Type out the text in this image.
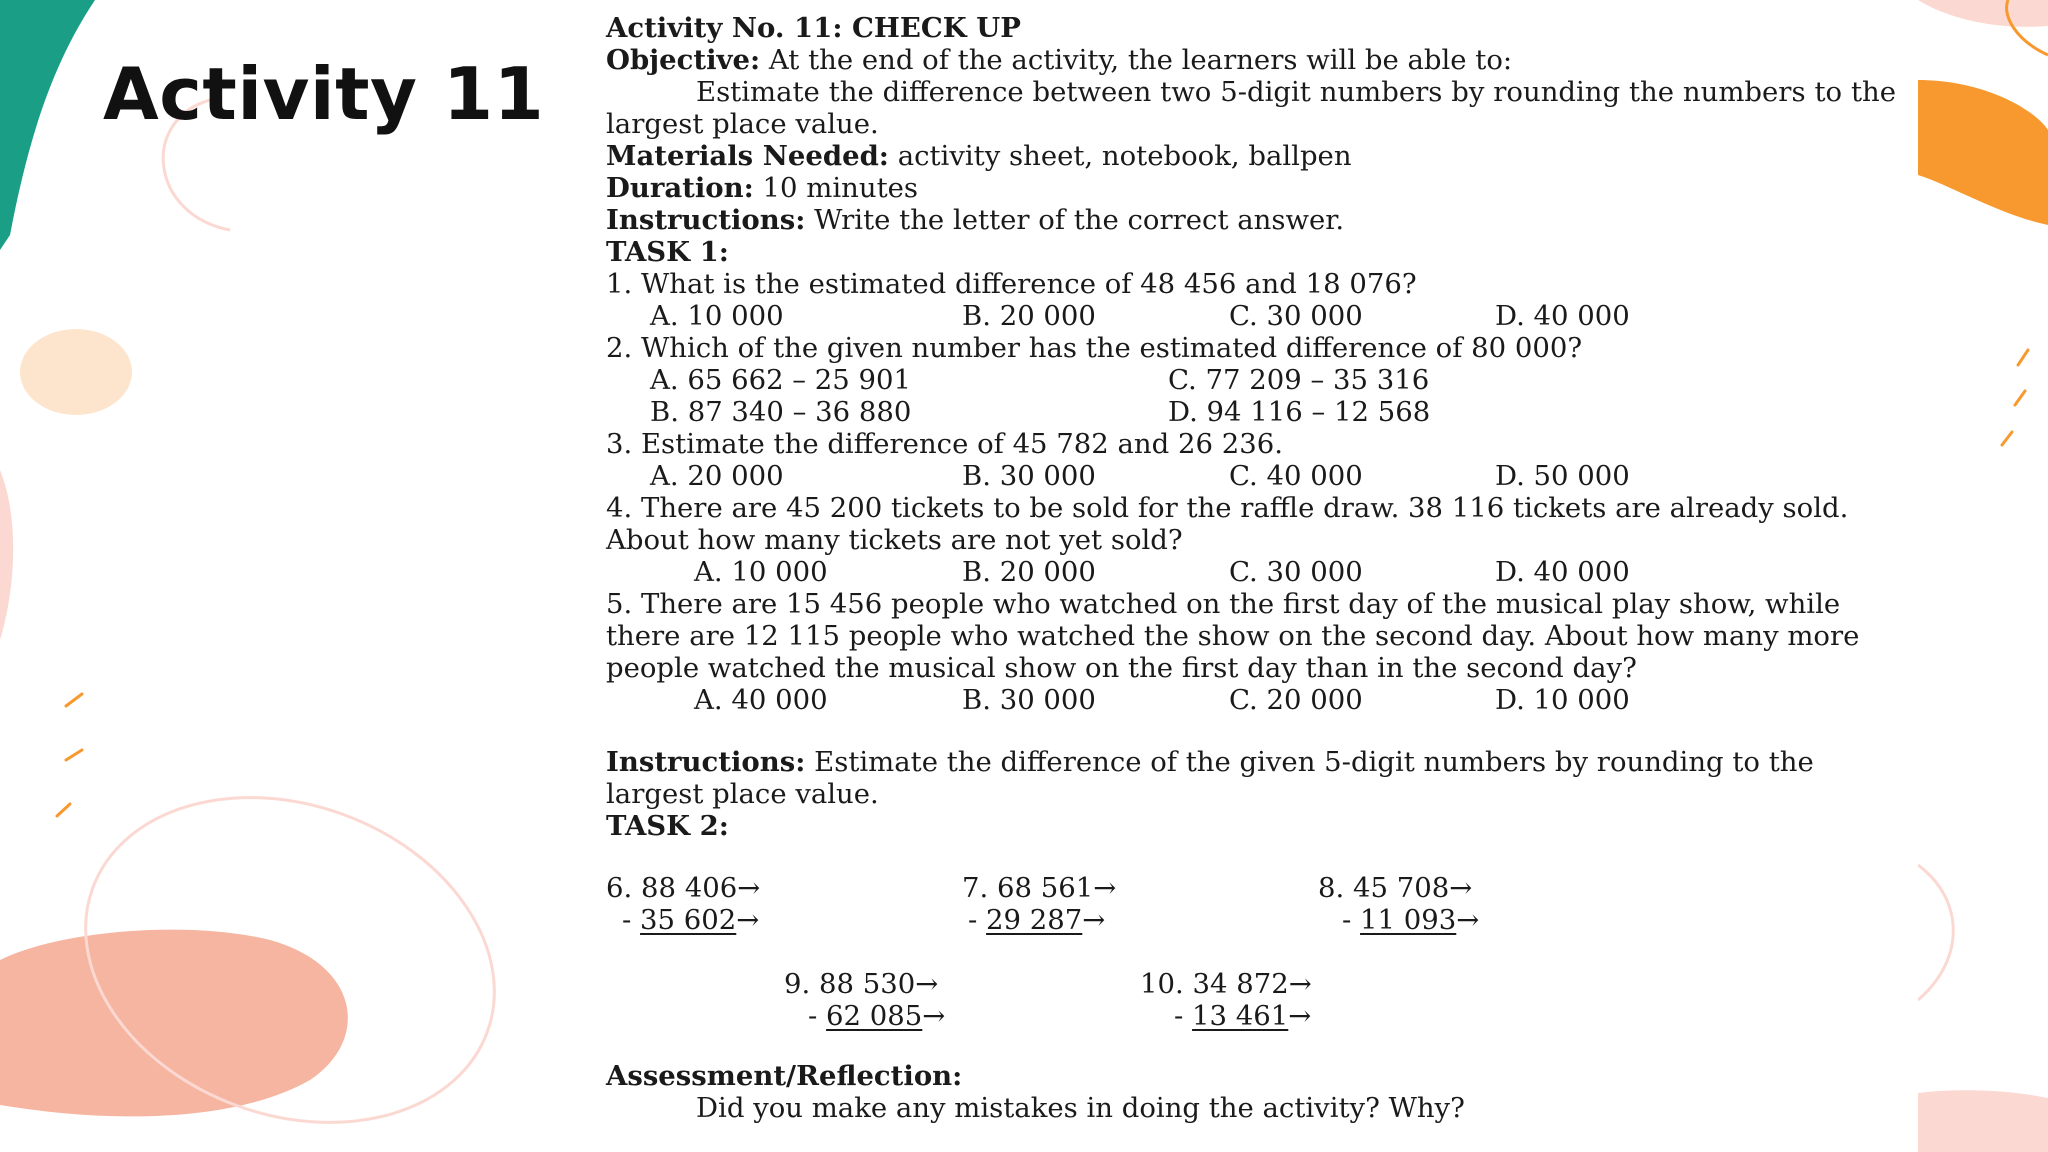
Activity 11
Activity No. 11: CHECK UP
Objective: At the end of the activity, the learners will be able to:
Estimate the difference between two 5-digit numbers by rounding the numbers to the largest place value.
Materials Needed: activity sheet, notebook, ballpen
Duration: 10 minutes
Instructions: Write the letter of the correct answer.
TASK 1:
1. What is the estimated difference of 48 456 and 18 076?
A. 10 000	B. 20 000	C. 30 000	D. 40 000
2. Which of the given number has the estimated difference of 80 000?
A. 65 662 – 25 901	C. 77 209 – 35 316
B. 87 340 – 36 880	D. 94 116 – 12 568
3. Estimate the difference of 45 782 and 26 236.
A. 20 000	B. 30 000	C. 40 000	D. 50 000
4. There are 45 200 tickets to be sold for the raffle draw. 38 116 tickets are already sold. About how many tickets are not yet sold?
A. 10 000	B. 20 000	C. 30 000	D. 40 000
5. There are 15 456 people who watched on the first day of the musical play show, while there are 12 115 people who watched the show on the second day. About how many more people watched the musical show on the first day than in the second day?
A. 40 000	B. 30 000	C. 20 000	D. 10 000
Instructions: Estimate the difference of the given 5-digit numbers by rounding to the largest place value.
TASK 2:
6. 88 406→
- 35 602→
7. 68 561→
- 29 287→
8. 45 708→
- 11 093→
9. 88 530→
- 62 085→
10. 34 872→
- 13 461→
Assessment/Reflection:
Did you make any mistakes in doing the activity? Why?
